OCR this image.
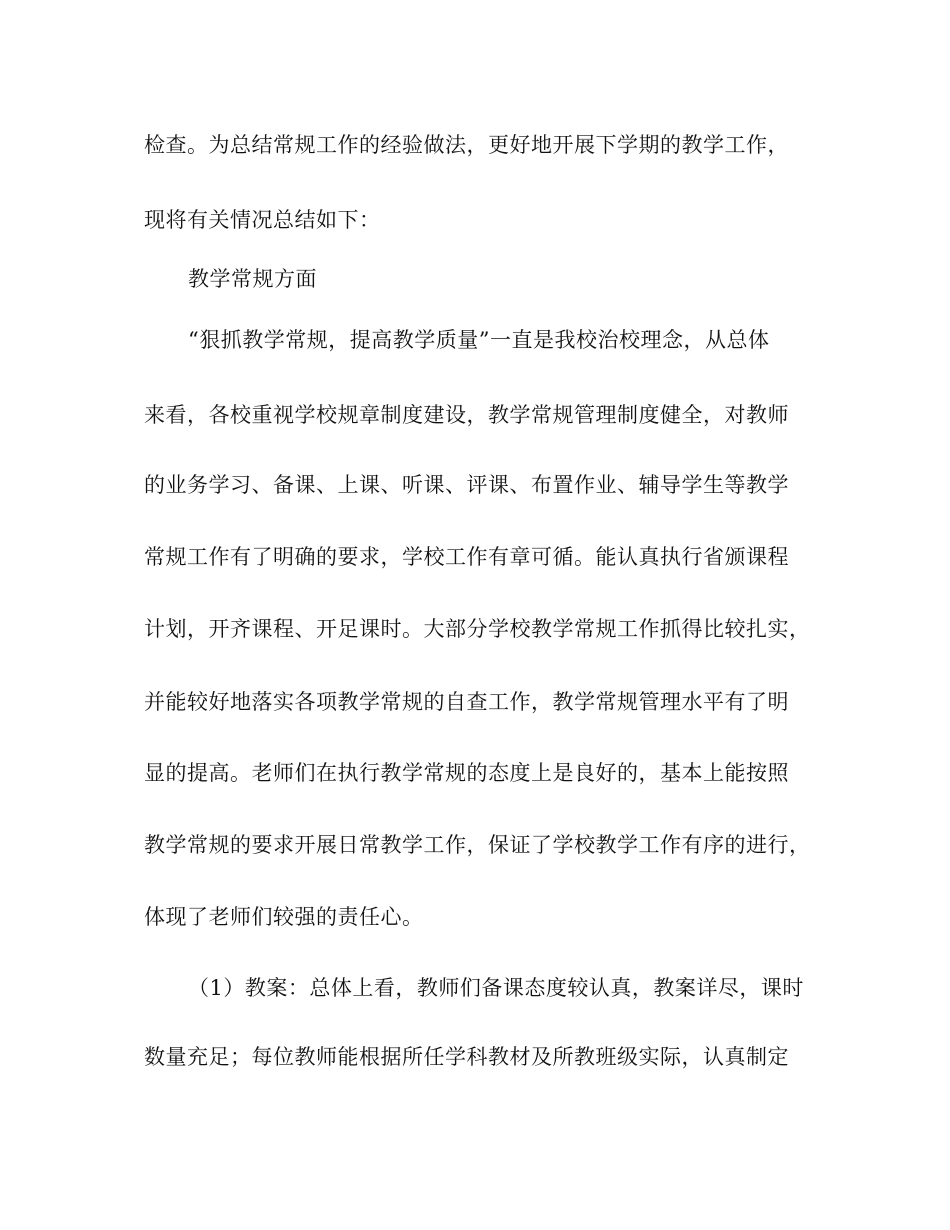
检查。为总结常规工作的经验做法，更好地开展下学期的教学工作，
现将有关情况总结如下：
教学常规方面
“狠抓教学常规，提高教学质量”一直是我校治校理念，从总体
来看，各校重视学校规章制度建设，教学常规管理制度健全，对教师
的业务学习、备课、上课、听课、评课、布置作业、辅导学生等教学
常规工作有了明确的要求，学校工作有章可循。能认真执行省颁课程
计划，开齐课程、开足课时。大部分学校教学常规工作抓得比较扎实，
并能较好地落实各项教学常规的自查工作，教学常规管理水平有了明
显的提高。老师们在执行教学常规的态度上是良好的，基本上能按照
教学常规的要求开展日常教学工作，保证了学校教学工作有序的进行，
体现了老师们较强的责任心。
（1）教案：总体上看，教师们备课态度较认真，教案详尽，课时
数量充足；每位教师能根据所任学科教材及所教班级实际，认真制定
